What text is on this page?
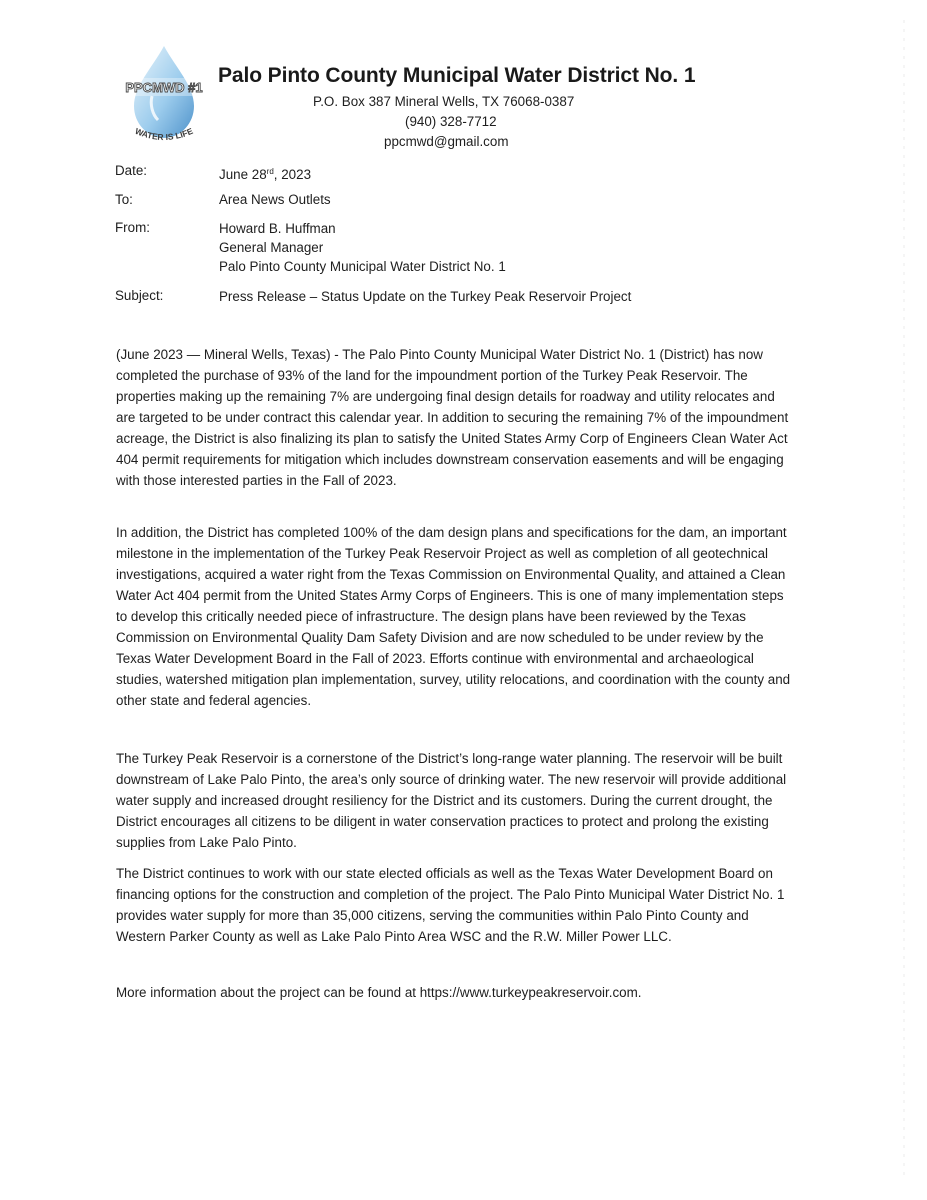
PPCMWD #1
WATER IS LIFE
Palo Pinto County Municipal Water District No. 1
P.O. Box 387 Mineral Wells, TX 76068-0387
(940) 328-7712
ppcmwd@gmail.com
Date:	June 28rd, 2023
To:	Area News Outlets
From:	Howard B. Huffman
General Manager
Palo Pinto County Municipal Water District No. 1
Subject:	Press Release – Status Update on the Turkey Peak Reservoir Project

(June 2023 — Mineral Wells, Texas) - The Palo Pinto County Municipal Water District No. 1 (District) has now completed the purchase of 93% of the land for the impoundment portion of the Turkey Peak Reservoir. The properties making up the remaining 7% are undergoing final design details for roadway and utility relocates and are targeted to be under contract this calendar year. In addition to securing the remaining 7% of the impoundment acreage, the District is also finalizing its plan to satisfy the United States Army Corp of Engineers Clean Water Act 404 permit requirements for mitigation which includes downstream conservation easements and will be engaging with those interested parties in the Fall of 2023.

In addition, the District has completed 100% of the dam design plans and specifications for the dam, an important milestone in the implementation of the Turkey Peak Reservoir Project as well as completion of all geotechnical investigations, acquired a water right from the Texas Commission on Environmental Quality, and attained a Clean Water Act 404 permit from the United States Army Corps of Engineers. This is one of many implementation steps to develop this critically needed piece of infrastructure. The design plans have been reviewed by the Texas Commission on Environmental Quality Dam Safety Division and are now scheduled to be under review by the Texas Water Development Board in the Fall of 2023. Efforts continue with environmental and archaeological studies, watershed mitigation plan implementation, survey, utility relocations, and coordination with the county and other state and federal agencies.

The Turkey Peak Reservoir is a cornerstone of the District’s long-range water planning. The reservoir will be built downstream of Lake Palo Pinto, the area’s only source of drinking water. The new reservoir will provide additional water supply and increased drought resiliency for the District and its customers. During the current drought, the District encourages all citizens to be diligent in water conservation practices to protect and prolong the existing supplies from Lake Palo Pinto.

The District continues to work with our state elected officials as well as the Texas Water Development Board on financing options for the construction and completion of the project. The Palo Pinto Municipal Water District No. 1 provides water supply for more than 35,000 citizens, serving the communities within Palo Pinto County and Western Parker County as well as Lake Palo Pinto Area WSC and the R.W. Miller Power LLC.

More information about the project can be found at https://www.turkeypeakreservoir.com.
